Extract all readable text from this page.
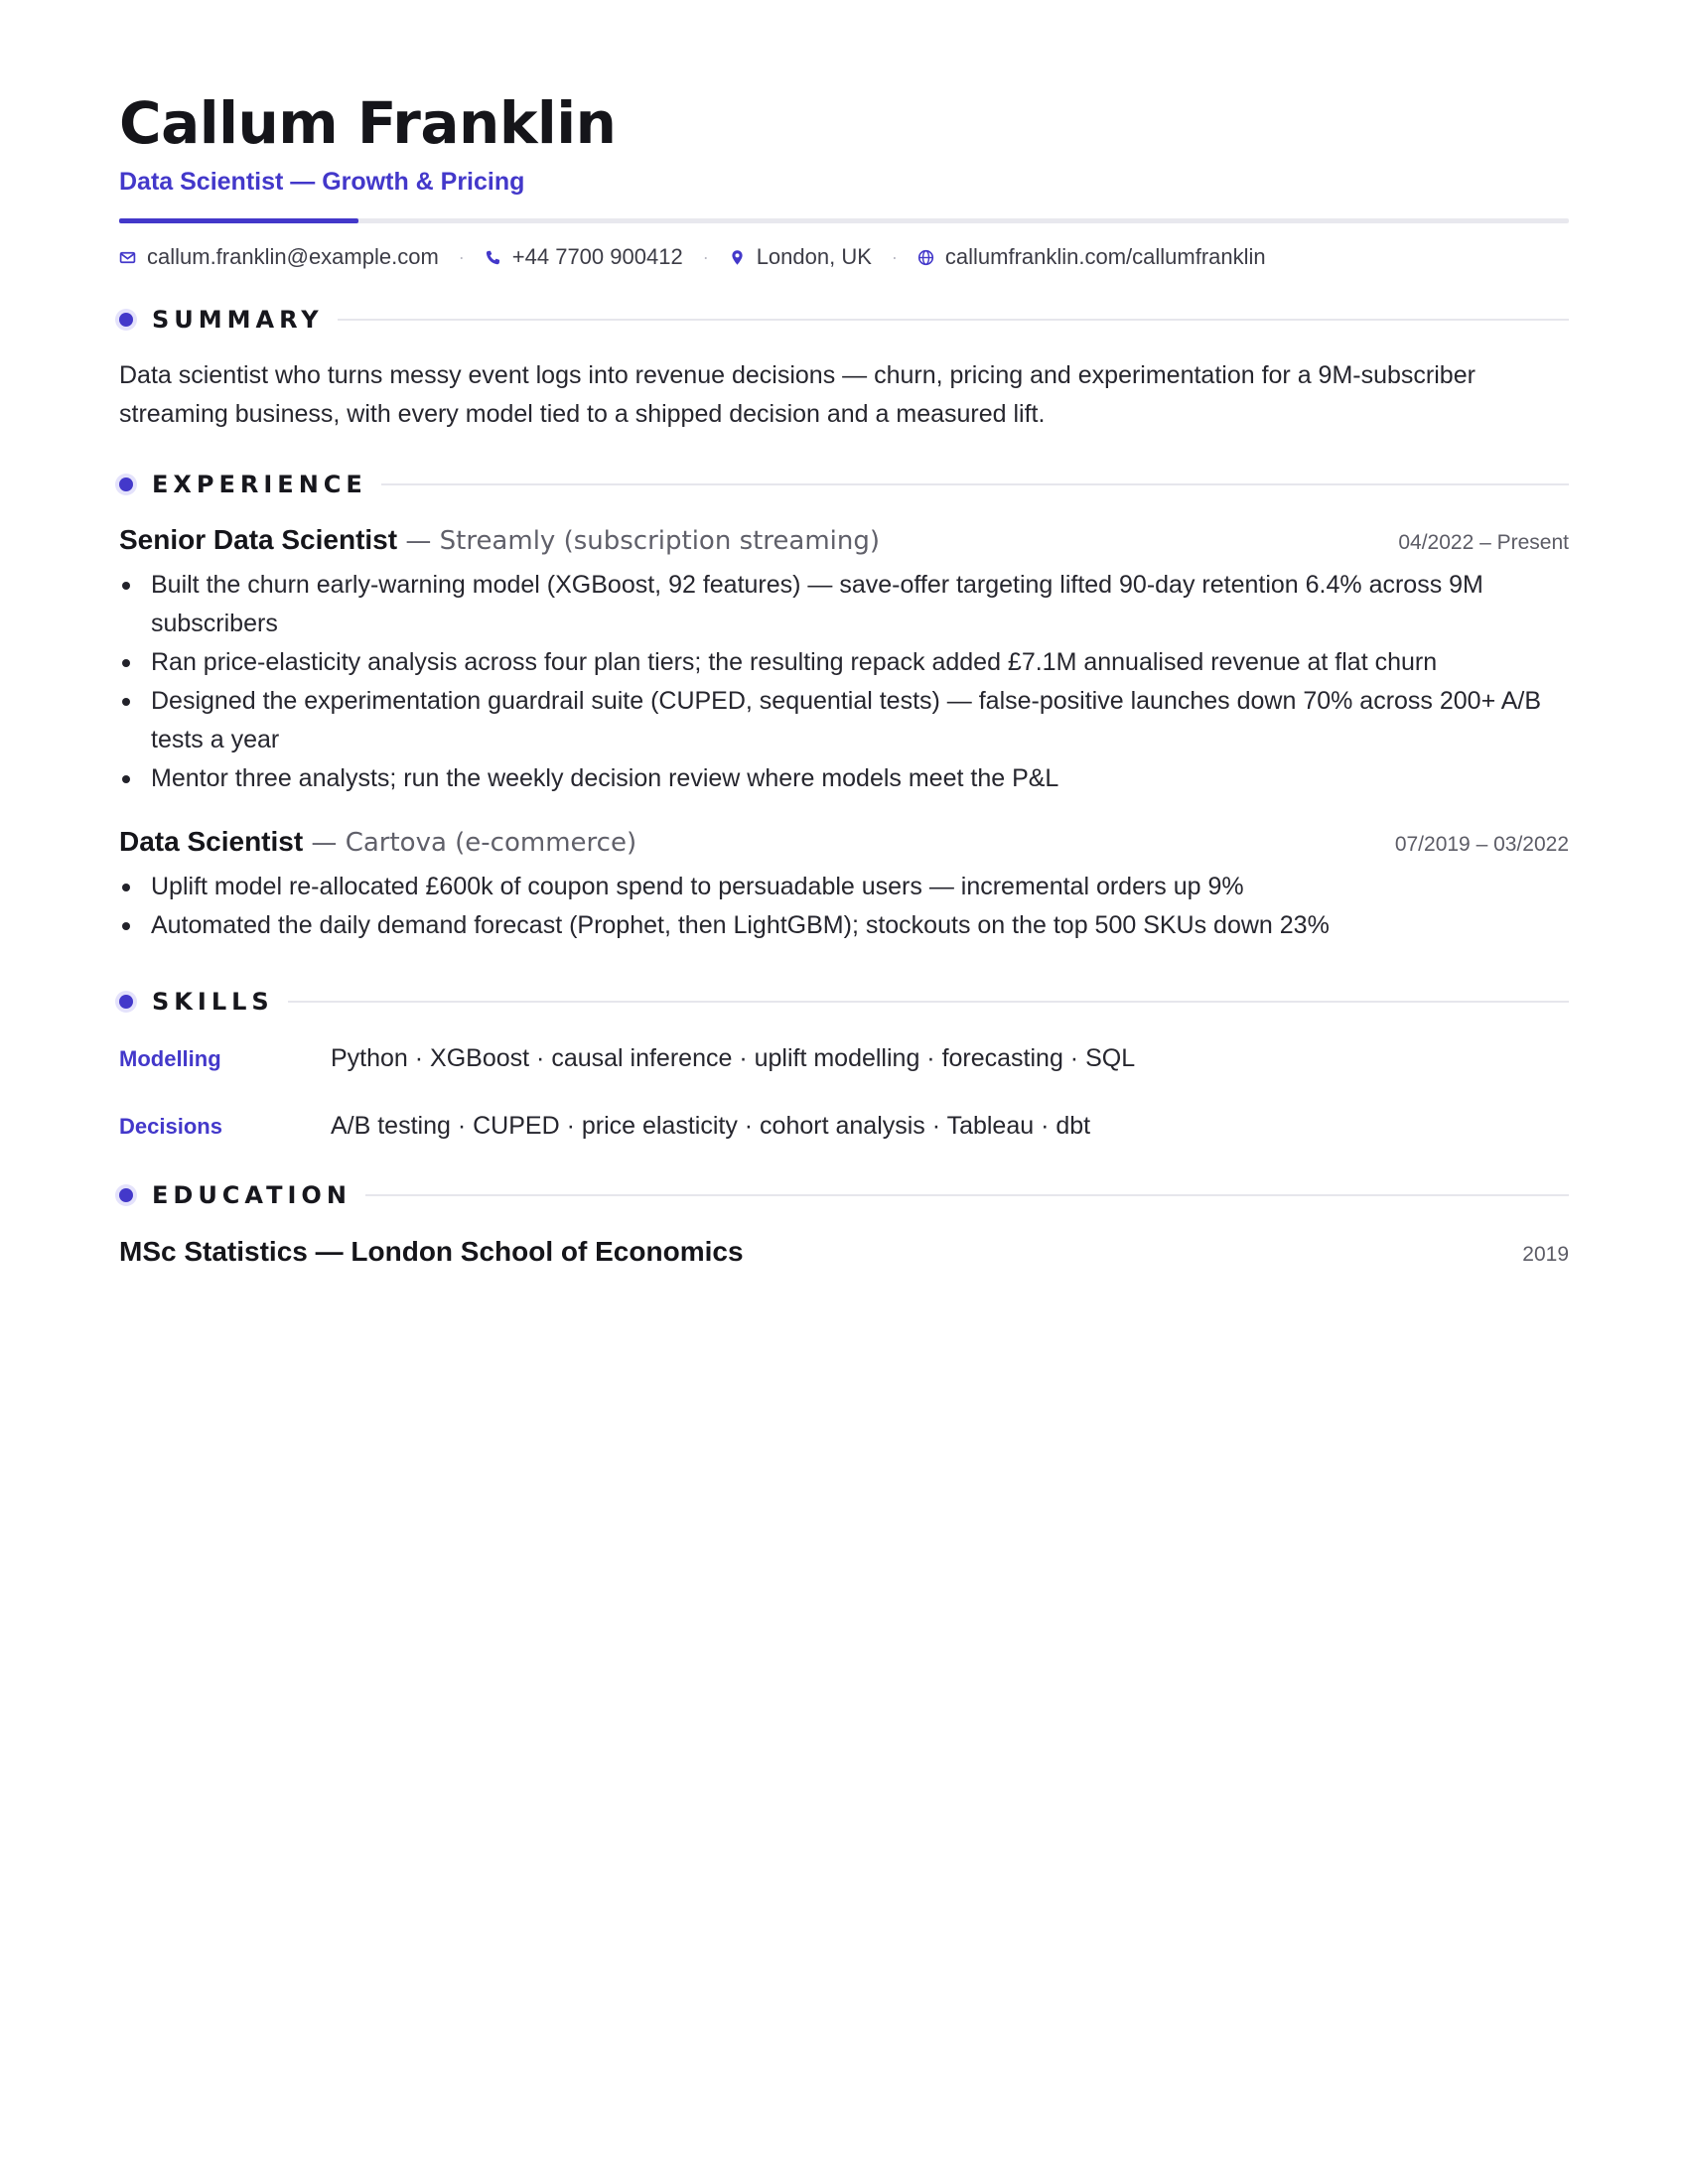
Callum Franklin
Data Scientist — Growth & Pricing
callum.franklin@example.com · +44 7700 900412 · London, UK · callumfranklin.com/callumfranklin
SUMMARY

Data scientist who turns messy event logs into revenue decisions — churn, pricing and experimentation for a 9M-subscriber streaming business, with every model tied to a shipped decision and a measured lift.

EXPERIENCE
Senior Data Scientist — Streamly (subscription streaming)	04/2022 – Present
Built the churn early-warning model (XGBoost, 92 features) — save-offer targeting lifted 90-day retention 6.4% across 9M subscribers
Ran price-elasticity analysis across four plan tiers; the resulting repack added £7.1M annualised revenue at flat churn
Designed the experimentation guardrail suite (CUPED, sequential tests) — false-positive launches down 70% across 200+ A/B tests a year
Mentor three analysts; run the weekly decision review where models meet the P&L
Data Scientist — Cartova (e-commerce)	07/2019 – 03/2022
Uplift model re-allocated £600k of coupon spend to persuadable users — incremental orders up 9%
Automated the daily demand forecast (Prophet, then LightGBM); stockouts on the top 500 SKUs down 23%
SKILLS
Modelling	Python · XGBoost · causal inference · uplift modelling · forecasting · SQL
Decisions	A/B testing · CUPED · price elasticity · cohort analysis · Tableau · dbt
EDUCATION
MSc Statistics — London School of Economics	2019
